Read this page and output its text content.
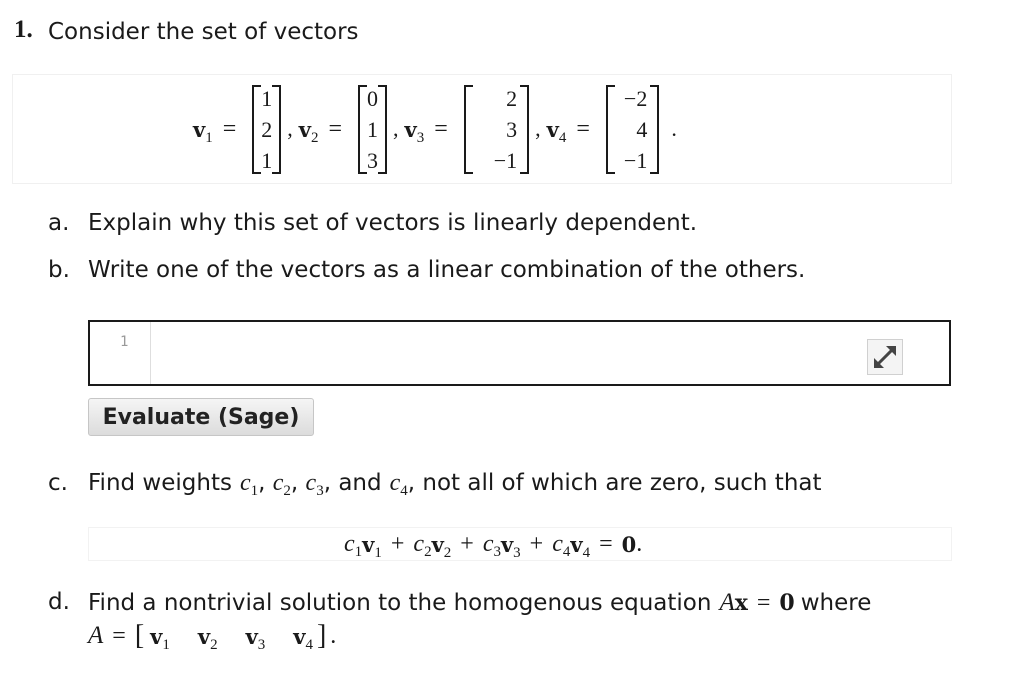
1. Consider the set of vectors
$v_1$ =
1
2
1
, $v_2$ =
0
1
3
, $v_3$ =
2
3
−1
, $v_4$ =
−2
4
−1
.
a. Explain why this set of vectors is linearly dependent.
b. Write one of the vectors as a linear combination of the others.
1
Evaluate (Sage)
c. Find weights $c_1$ , $c_2$ , $c_3$ , and $c_4$ , not all of which are zero, such that
$c_1$ $v_1 + c_2$ $v_2 + c_3$ $v_3 + c_4$ $v_4 = 0$ .
d. Find a nontrivial solution to the homogenous equation A x = 0 where
A = [ $v_1$ $v_2$ $v_3$ $v_4$ ] .
